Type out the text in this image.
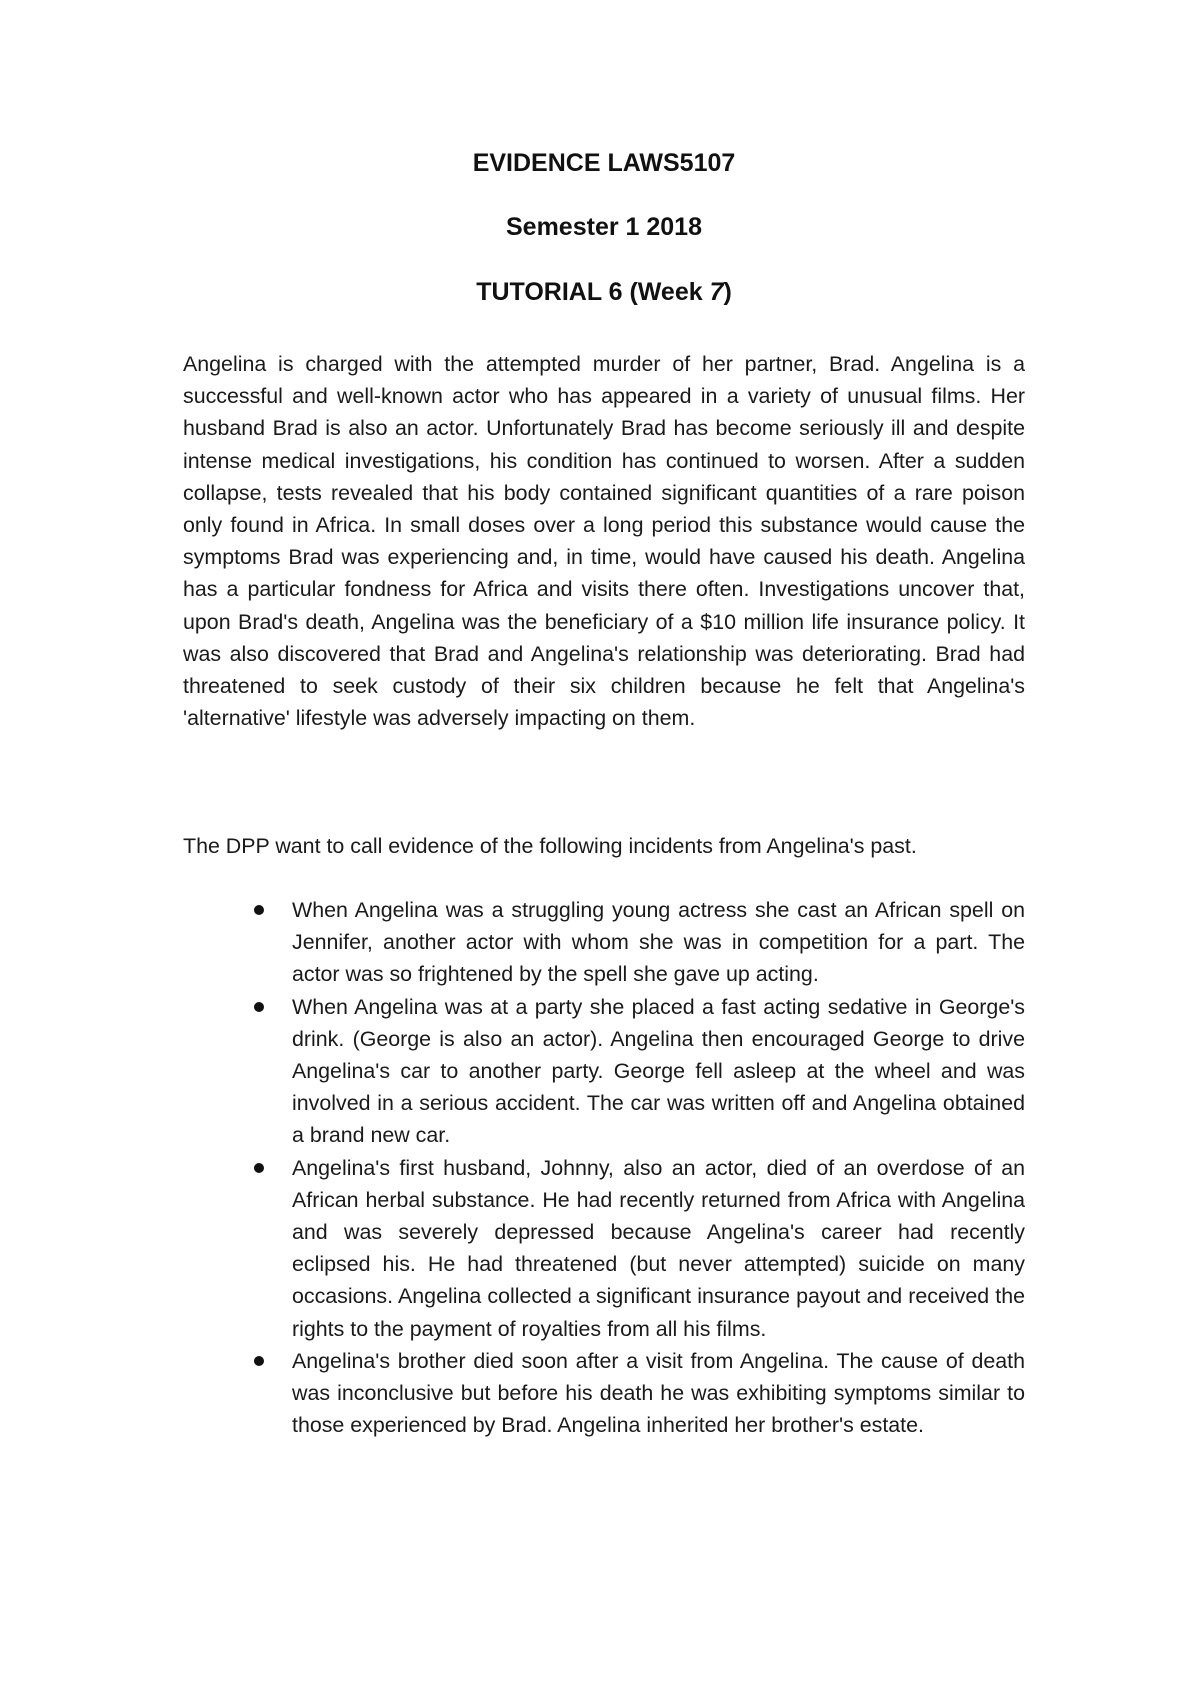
EVIDENCE LAWS5107
Semester 1 2018
TUTORIAL 6 (Week 7)

Angelina is charged with the attempted murder of her partner, Brad. Angelina is a successful and well-known actor who has appeared in a variety of unusual films. Her husband Brad is also an actor. Unfortunately Brad has become seriously ill and despite intense medical investigations, his condition has continued to worsen. After a sudden collapse, tests revealed that his body contained significant quantities of a rare poison only found in Africa. In small doses over a long period this substance would cause the symptoms Brad was experiencing and, in time, would have caused his death. Angelina has a particular fondness for Africa and visits there often. Investigations uncover that, upon Brad's death, Angelina was the beneficiary of a $10 million life insurance policy. It was also discovered that Brad and Angelina's relationship was deteriorating. Brad had threatened to seek custody of their six children because he felt that Angelina's 'alternative' lifestyle was adversely impacting on them.

The DPP want to call evidence of the following incidents from Angelina's past.

When Angelina was a struggling young actress she cast an African spell on Jennifer, another actor with whom she was in competition for a part. The actor was so frightened by the spell she gave up acting.
When Angelina was at a party she placed a fast acting sedative in George's drink. (George is also an actor). Angelina then encouraged George to drive Angelina's car to another party. George fell asleep at the wheel and was involved in a serious accident. The car was written off and Angelina obtained a brand new car.
Angelina's first husband, Johnny, also an actor, died of an overdose of an African herbal substance. He had recently returned from Africa with Angelina and was severely depressed because Angelina's career had recently eclipsed his. He had threatened (but never attempted) suicide on many occasions. Angelina collected a significant insurance payout and received the rights to the payment of royalties from all his films.
Angelina's brother died soon after a visit from Angelina. The cause of death was inconclusive but before his death he was exhibiting symptoms similar to those experienced by Brad. Angelina inherited her brother's estate.
